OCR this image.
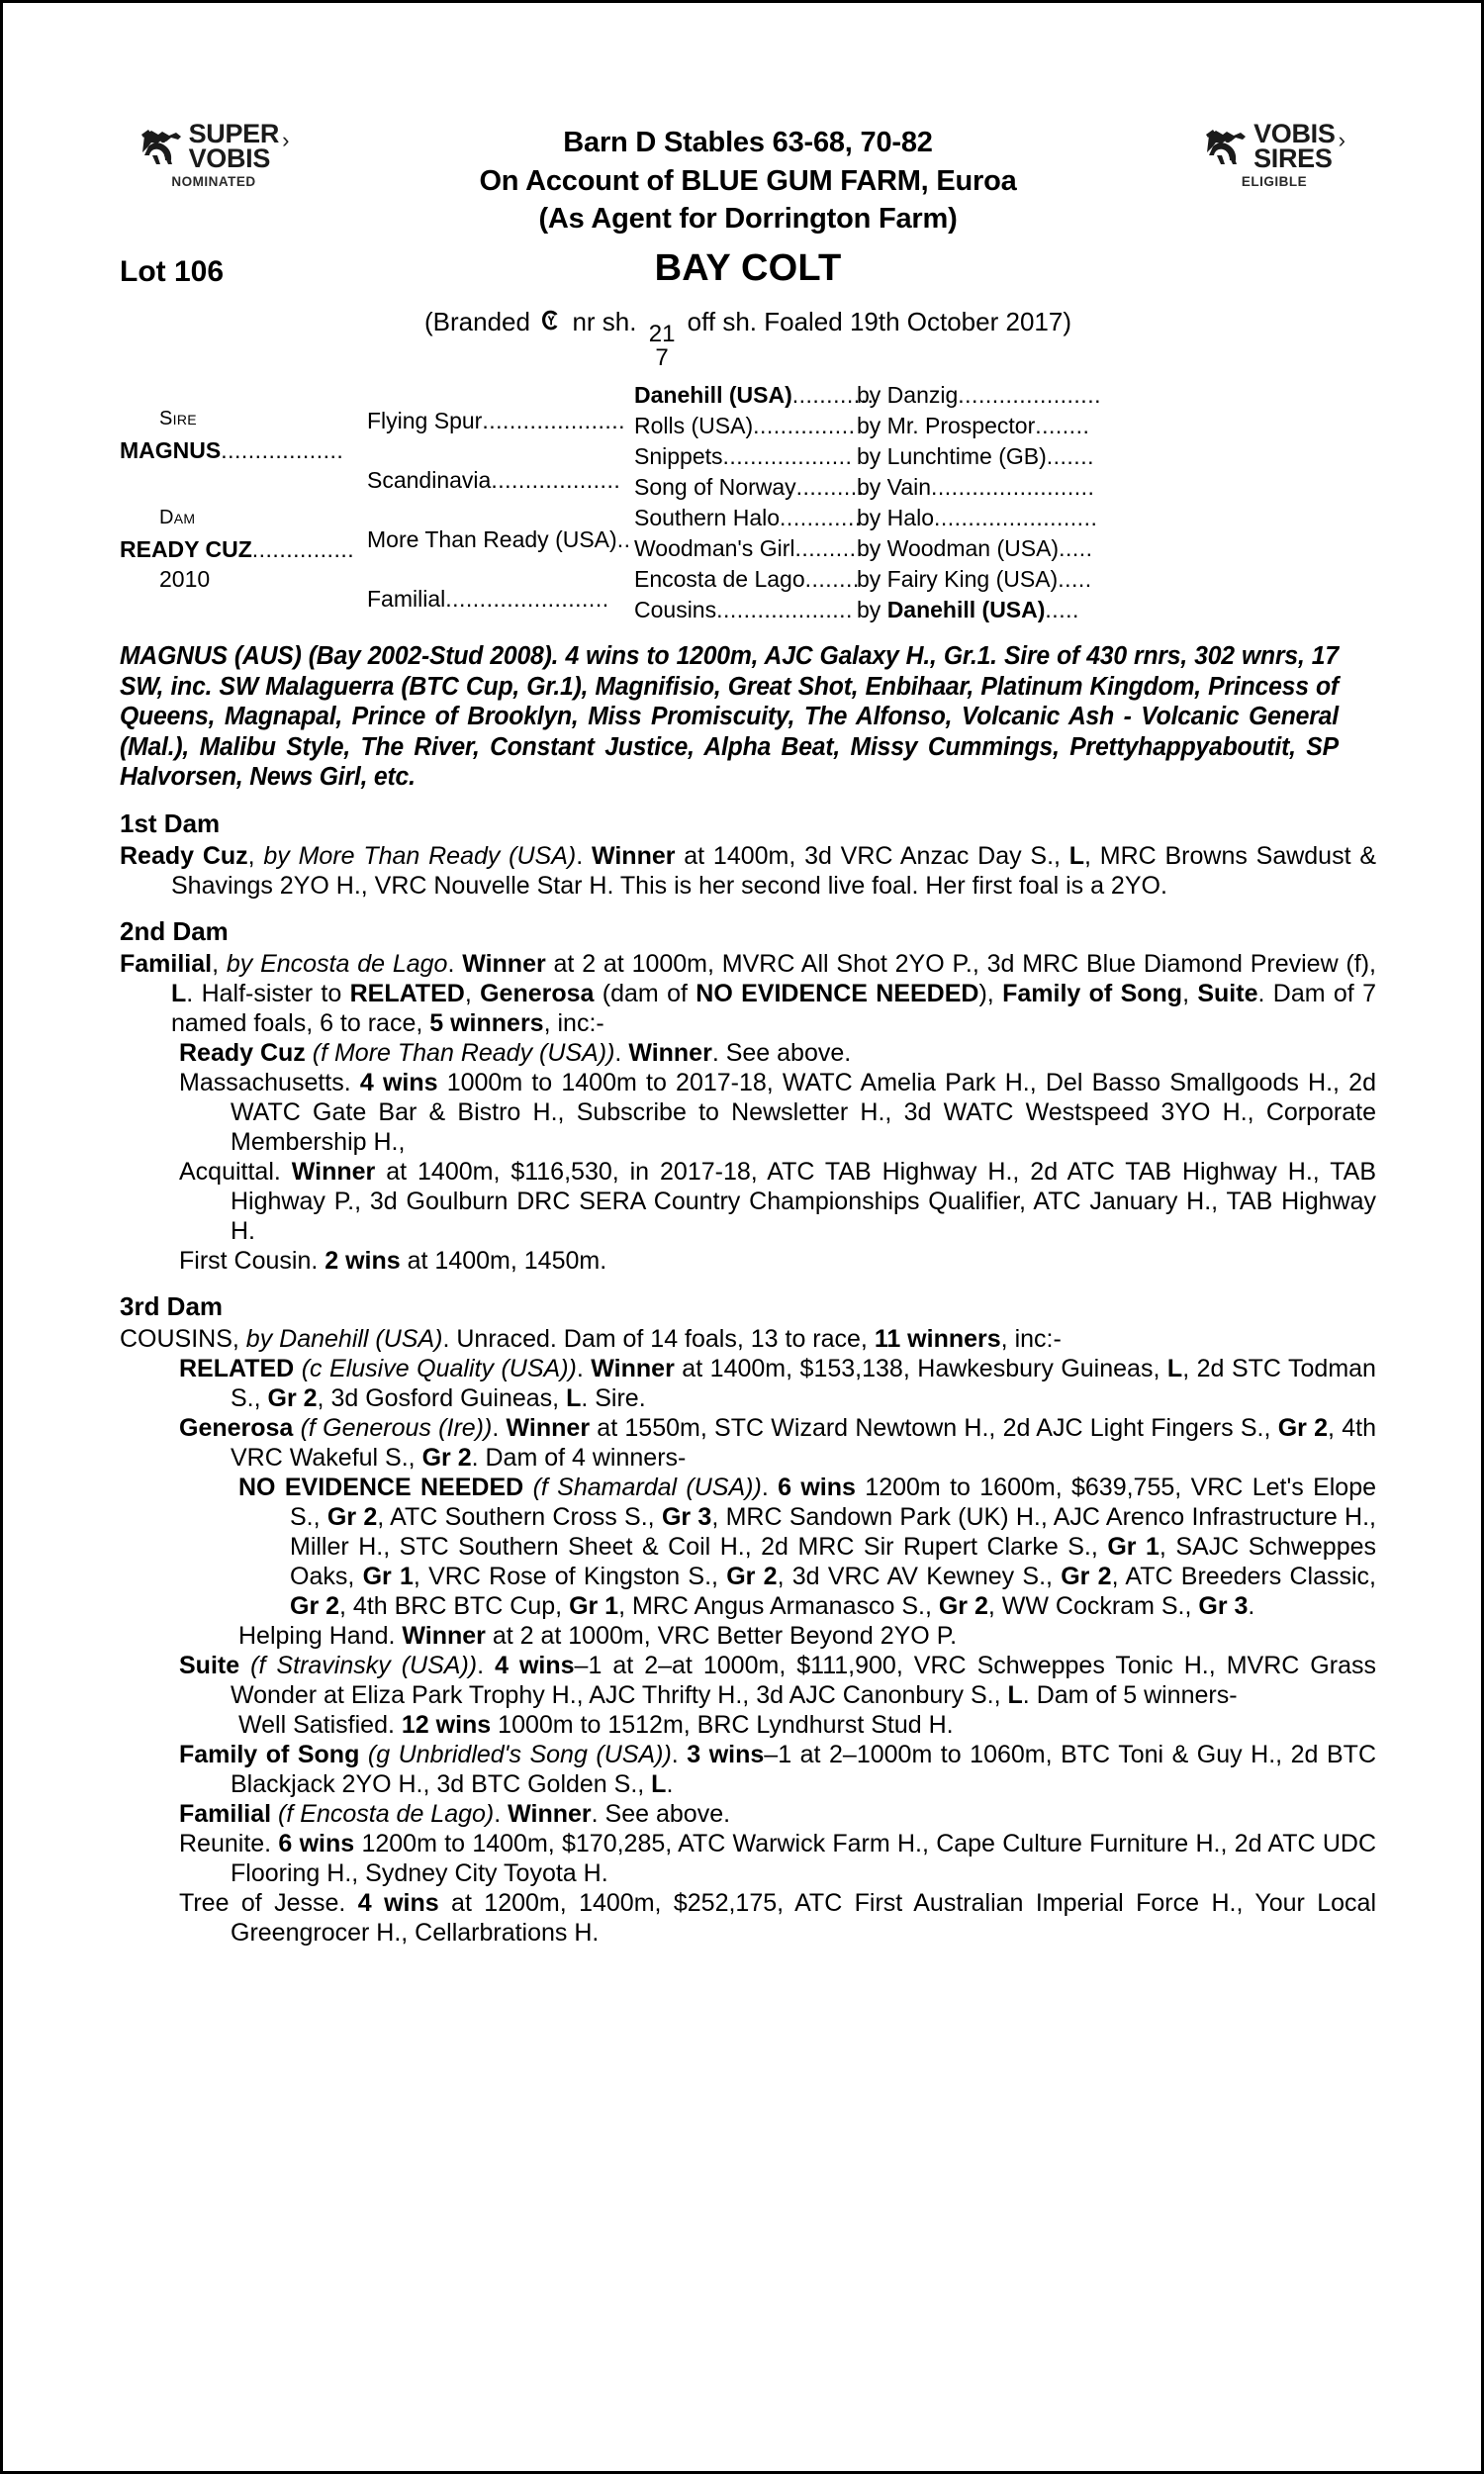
SUPER
VOBIS
›
NOMINATED
Barn D Stables 63-68, 70-82
On Account of BLUE GUM FARM, Euroa
(As Agent for Dorrington Farm)
VOBIS
SIRES
›
ELIGIBLE
Lot 106	BAY COLT
(Branded nr sh. 21
7
off sh. Foaled 19th October 2017)
Sire
MAGNUS..................
Dam
READY CUZ...............
2010
Flying Spur.....................
Scandinavia...................
More Than Ready (USA)..
Familial........................
Danehill (USA)............
by Danzig.....................
Rolls (USA)............... by Mr. Prospector........
Snippets................... by Lunchtime (GB).......
Song of Norway..........
by Vain........................
Southern Halo............
by Halo........................
Woodman's Girl..........
by Woodman (USA).....
Encosta de Lago........
by Fairy King (USA).....
Cousins.................... by Danehill (USA).....
MAGNUS (AUS) (Bay 2002-Stud 2008). 4 wins to 1200m, AJC Galaxy H., Gr.1. Sire of 430 rnrs, 302 wnrs, 17 SW, inc. SW Malaguerra (BTC Cup, Gr.1), Magnifisio, Great Shot, Enbihaar, Platinum Kingdom, Princess of Queens, Magnapal, Prince of Brooklyn, Miss Promiscuity, The Alfonso, Volcanic Ash - Volcanic General (Mal.), Malibu Style, The River, Constant Justice, Alpha Beat, Missy Cummings, Prettyhappyaboutit, SP Halvorsen, News Girl, etc.
1st Dam
Ready Cuz, by More Than Ready (USA). Winner at 1400m, 3d VRC Anzac Day S., L, MRC Browns Sawdust & Shavings 2YO H., VRC Nouvelle Star H. This is her second live foal. Her first foal is a 2YO.
2nd Dam
Familial, by Encosta de Lago. Winner at 2 at 1000m, MVRC All Shot 2YO P., 3d MRC Blue Diamond Preview (f), L. Half-sister to RELATED, Generosa (dam of NO EVIDENCE NEEDED), Family of Song, Suite. Dam of 7 named foals, 6 to race, 5 winners, inc:-
Ready Cuz (f More Than Ready (USA)). Winner. See above.
Massachusetts. 4 wins 1000m to 1400m to 2017-18, WATC Amelia Park H., Del Basso Smallgoods H., 2d WATC Gate Bar & Bistro H., Subscribe to Newsletter H., 3d WATC Westspeed 3YO H., Corporate Membership H.,
Acquittal. Winner at 1400m, $116,530, in 2017-18, ATC TAB Highway H., 2d ATC TAB Highway H., TAB Highway P., 3d Goulburn DRC SERA Country Championships Qualifier, ATC January H., TAB Highway H.
First Cousin. 2 wins at 1400m, 1450m.
3rd Dam
COUSINS, by Danehill (USA). Unraced. Dam of 14 foals, 13 to race, 11 winners, inc:-
RELATED (c Elusive Quality (USA)). Winner at 1400m, $153,138, Hawkesbury Guineas, L, 2d STC Todman S., Gr 2, 3d Gosford Guineas, L. Sire.
Generosa (f Generous (Ire)). Winner at 1550m, STC Wizard Newtown H., 2d AJC Light Fingers S., Gr 2, 4th VRC Wakeful S., Gr 2. Dam of 4 winners-
NO EVIDENCE NEEDED (f Shamardal (USA)). 6 wins 1200m to 1600m, $639,755, VRC Let's Elope S., Gr 2, ATC Southern Cross S., Gr 3, MRC Sandown Park (UK) H., AJC Arenco Infrastructure H., Miller H., STC Southern Sheet & Coil H., 2d MRC Sir Rupert Clarke S., Gr 1, SAJC Schweppes Oaks, Gr 1, VRC Rose of Kingston S., Gr 2, 3d VRC AV Kewney S., Gr 2, ATC Breeders Classic, Gr 2, 4th BRC BTC Cup, Gr 1, MRC Angus Armanasco S., Gr 2, WW Cockram S., Gr 3.
Helping Hand. Winner at 2 at 1000m, VRC Better Beyond 2YO P.
Suite (f Stravinsky (USA)). 4 wins–1 at 2–at 1000m, $111,900, VRC Schweppes Tonic H., MVRC Grass Wonder at Eliza Park Trophy H., AJC Thrifty H., 3d AJC Canonbury S., L. Dam of 5 winners-
Well Satisfied. 12 wins 1000m to 1512m, BRC Lyndhurst Stud H.
Family of Song (g Unbridled's Song (USA)). 3 wins–1 at 2–1000m to 1060m, BTC Toni & Guy H., 2d BTC Blackjack 2YO H., 3d BTC Golden S., L.
Familial (f Encosta de Lago). Winner. See above.
Reunite. 6 wins 1200m to 1400m, $170,285, ATC Warwick Farm H., Cape Culture Furniture H., 2d ATC UDC Flooring H., Sydney City Toyota H.
Tree of Jesse. 4 wins at 1200m, 1400m, $252,175, ATC First Australian Imperial Force H., Your Local Greengrocer H., Cellarbrations H.
